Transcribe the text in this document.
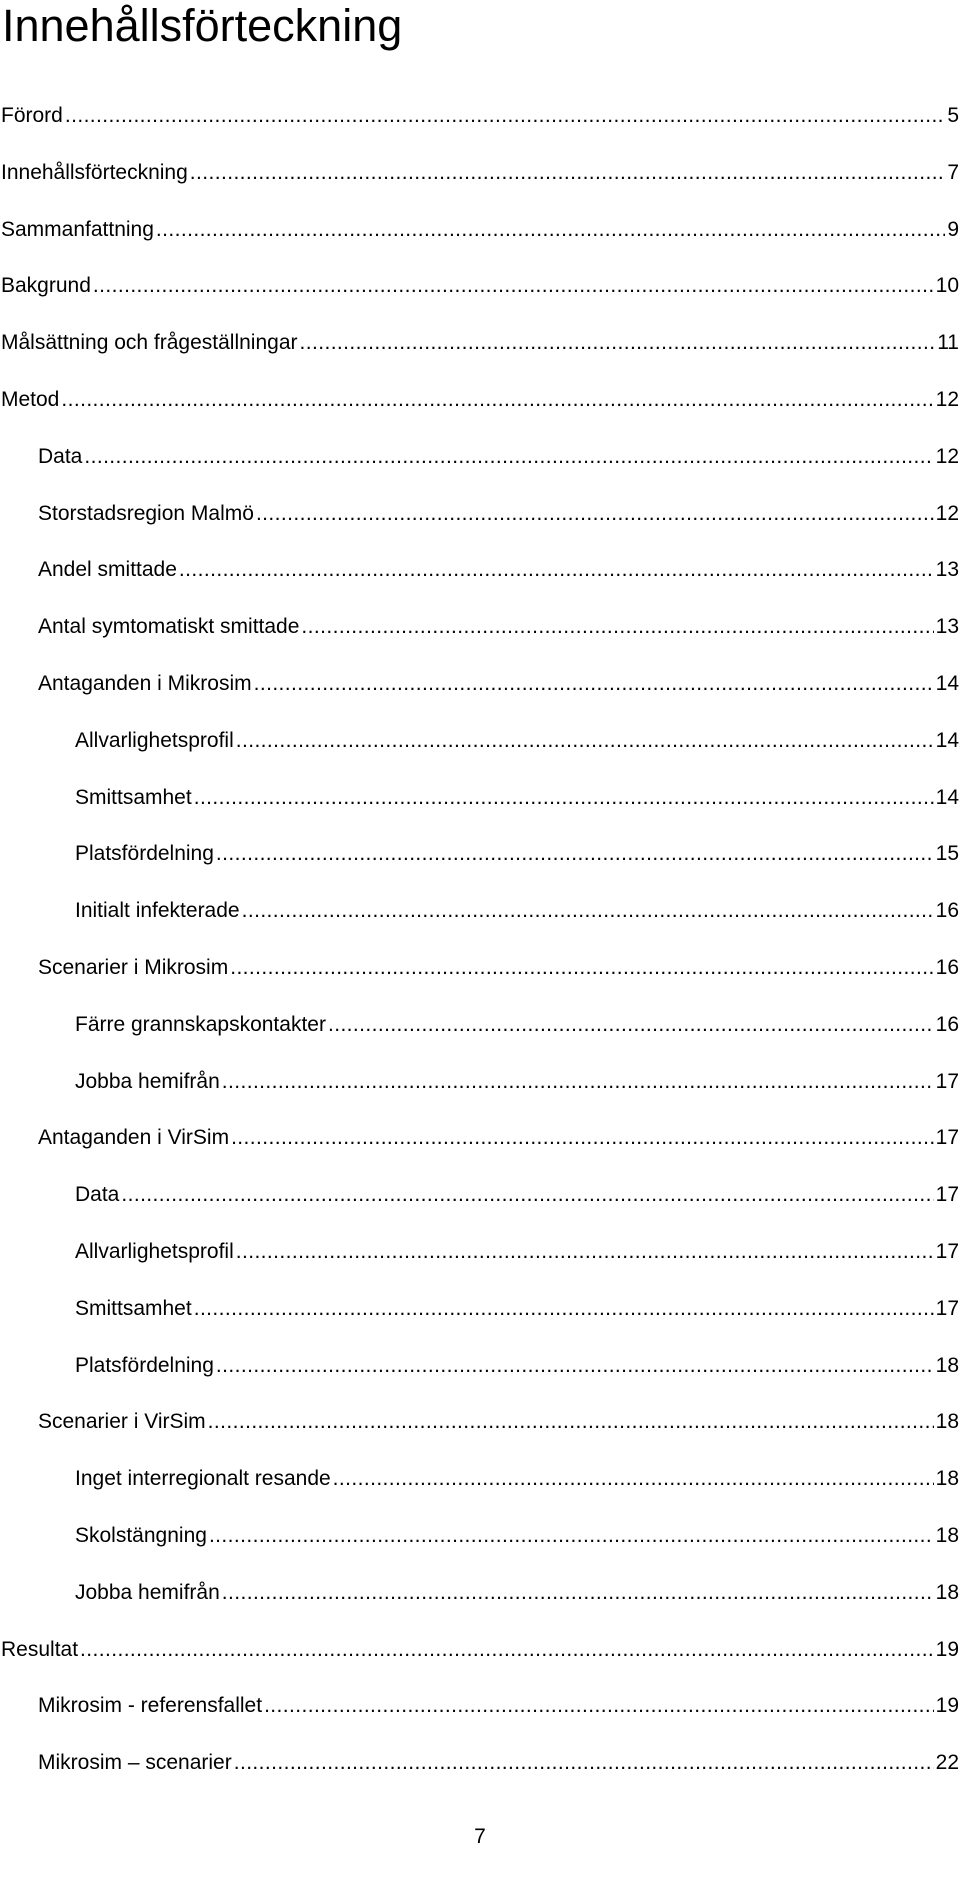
Innehållsförteckning
Förord .....	5
Innehållsförteckning .....	7
Sammanfattning .....	9
Bakgrund .....	10
Målsättning och frågeställningar .....	11
Metod .....	12
Data .....	12
Storstadsregion Malmö .....	12
Andel smittade .....	13
Antal symtomatiskt smittade .....	13
Antaganden i Mikrosim .....	14
Allvarlighetsprofil .....	14
Smittsamhet .....	14
Platsfördelning .....	15
Initialt infekterade .....	16
Scenarier i Mikrosim .....	16
Färre grannskapskontakter .....	16
Jobba hemifrån .....	17
Antaganden i VirSim .....	17
Data .....	17
Allvarlighetsprofil .....	17
Smittsamhet .....	17
Platsfördelning .....	18
Scenarier i VirSim .....	18
Inget interregionalt resande .....	18
Skolstängning .....	18
Jobba hemifrån .....	18
Resultat .....	19
Mikrosim - referensfallet .....	19
Mikrosim – scenarier .....	22
7
